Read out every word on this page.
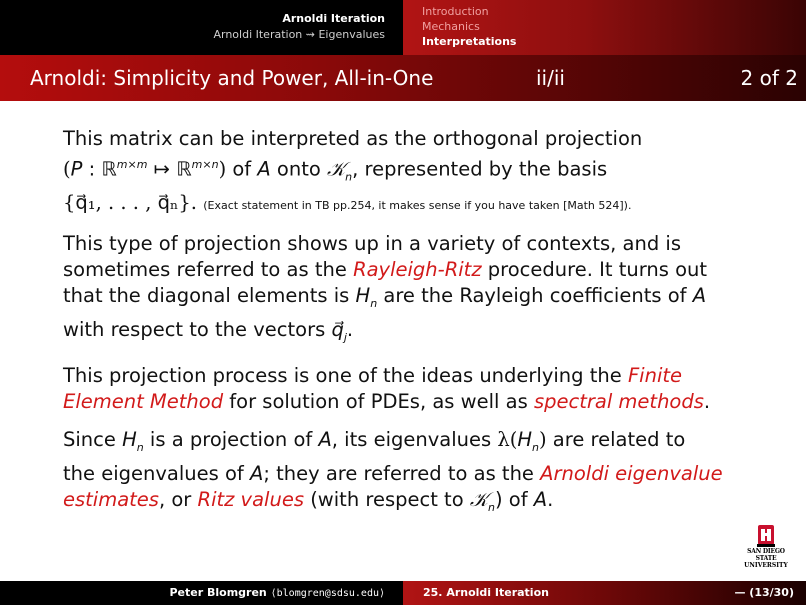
Arnoldi Iteration
Arnoldi Iteration ⇝ Eigenvalues
Introduction
Mechanics
Interpretations
Arnoldi: Simplicity and Power, All-in-One	ii/ii	2 of 2

This matrix can be interpreted as the orthogonal projection
(P : ℝ$^{m\times m}$ ↦ ℝ$^{m\times n}$) of A onto 𝒦$_n$, represented by the basis
{q⃗₁, . . . , q⃗ₙ}. (Exact statement in TB pp.254, it makes sense if you have taken [Math 524]).

This type of projection shows up in a variety of contexts, and is
sometimes referred to as the Rayleigh-Ritz procedure. It turns out
that the diagonal elements is $H_n$ are the Rayleigh coefficients of A
with respect to the vectors $q⃗_j$.

This projection process is one of the ideas underlying the Finite
Element Method for solution of PDEs, as well as spectral methods.

Since $H_n$ is a projection of A, its eigenvalues $\lambda(H_n)$ are related to
the eigenvalues of A; they are referred to as the Arnoldi eigenvalue
estimates, or Ritz values (with respect to 𝒦$_n$) of A.

SAN DIEGO STATE
UNIVERSITY
Peter Blomgren ⟨blomgren@sdsu.edu⟩	25. Arnoldi Iteration	— (13/30)
